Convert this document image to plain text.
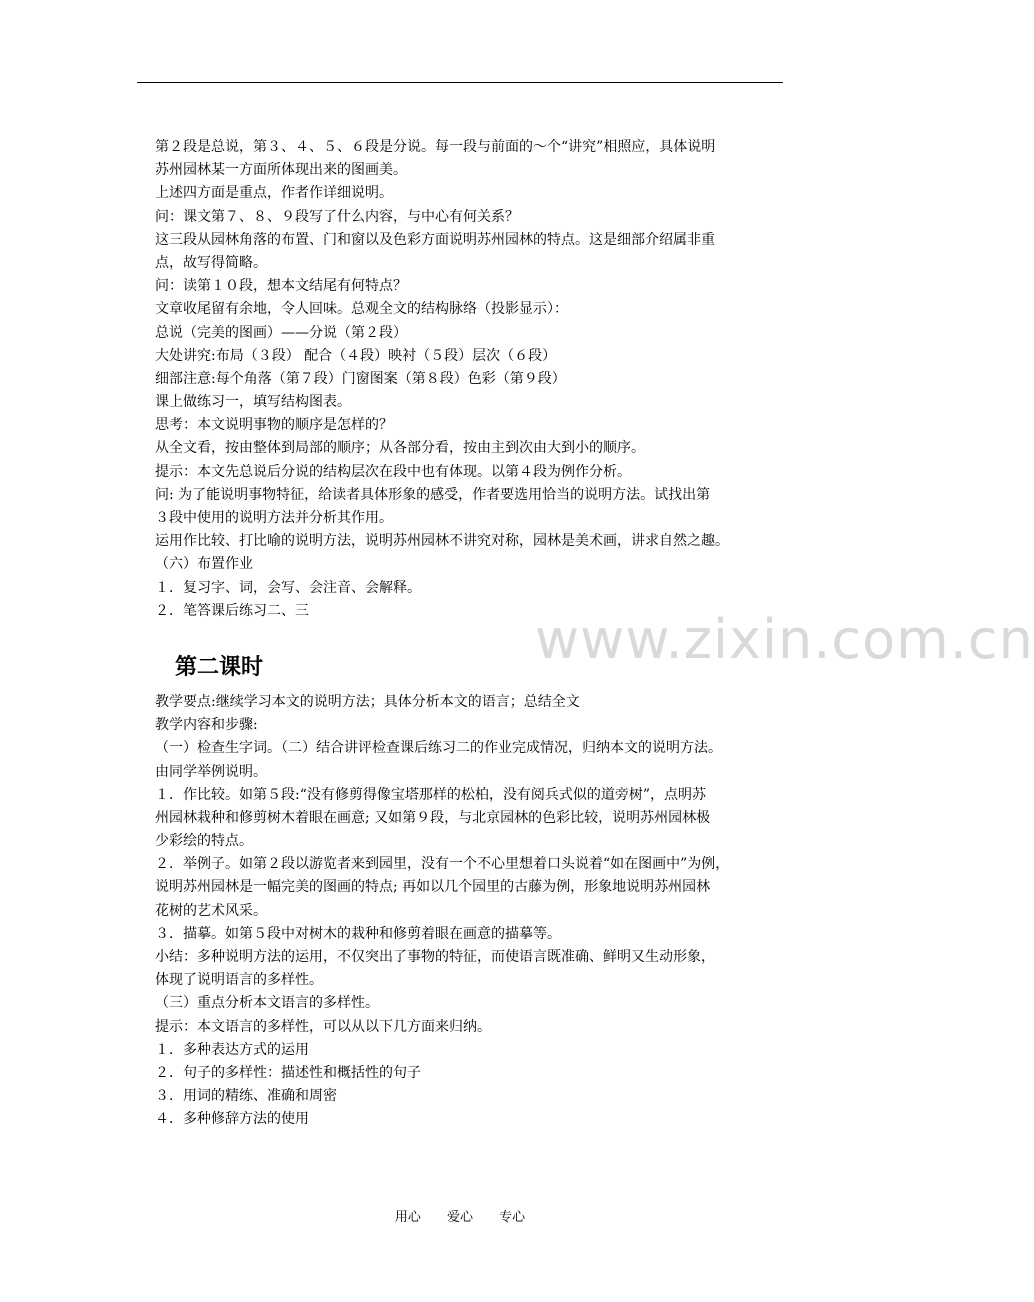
www.zixin.com.cn
第２段是总说，第３、４、５、６段是分说。每一段与前面的～个“讲究”相照应，具体说明
苏州园林某一方面所体现出来的图画美。
上述四方面是重点，作者作详细说明。
问：课文第７、８、９段写了什么内容，与中心有何关系？
这三段从园林角落的布置、门和窗以及色彩方面说明苏州园林的特点。这是细部介绍属非重
点，故写得简略。
问：读第１０段，想本文结尾有何特点？
文章收尾留有余地，令人回味。总观全文的结构脉络（投影显示）：
总说（完美的图画）——分说（第２段）
大处讲究:布局（３段） 配合（４段）映衬（５段）层次（６段）
细部注意:每个角落（第７段）门窗图案（第８段）色彩（第９段）
课上做练习一，填写结构图表。
思考：本文说明事物的顺序是怎样的？
从全文看，按由整体到局部的顺序；从各部分看，按由主到次由大到小的顺序。
提示：本文先总说后分说的结构层次在段中也有体现。以第４段为例作分析。
问: 为了能说明事物特征，给读者具体形象的感受，作者要选用恰当的说明方法。试找出第
３段中使用的说明方法并分析其作用。
运用作比较、打比喻的说明方法，说明苏州园林不讲究对称，园林是美术画，讲求自然之趣。
（六）布置作业
１．复习字、词，会写、会注音、会解释。
２．笔答课后练习二、三
第二课时
教学要点:继续学习本文的说明方法；具体分析本文的语言；总结全文
教学内容和步骤:
（一）检查生字词。（二）结合讲评检查课后练习二的作业完成情况，归纳本文的说明方法。
由同学举例说明。
１．作比较。如第５段:“没有修剪得像宝塔那样的松柏，没有阅兵式似的道旁树”，点明苏
州园林栽种和修剪树木着眼在画意; 又如第９段，与北京园林的色彩比较，说明苏州园林极
少彩绘的特点。
２．举例子。如第２段以游览者来到园里，没有一个不心里想着口头说着“如在图画中”为例，
说明苏州园林是一幅完美的图画的特点; 再如以几个园里的古藤为例，形象地说明苏州园林
花树的艺术风采。
３．描摹。如第５段中对树木的栽种和修剪着眼在画意的描摹等。
小结：多种说明方法的运用，不仅突出了事物的特征，而使语言既准确、鲜明又生动形象，
体现了说明语言的多样性。
（三）重点分析本文语言的多样性。
提示：本文语言的多样性，可以从以下几方面来归纳。
１．多种表达方式的运用
２．句子的多样性：描述性和概括性的句子
３．用词的精练、准确和周密
４．多种修辞方法的使用
用心 爱心 专心
